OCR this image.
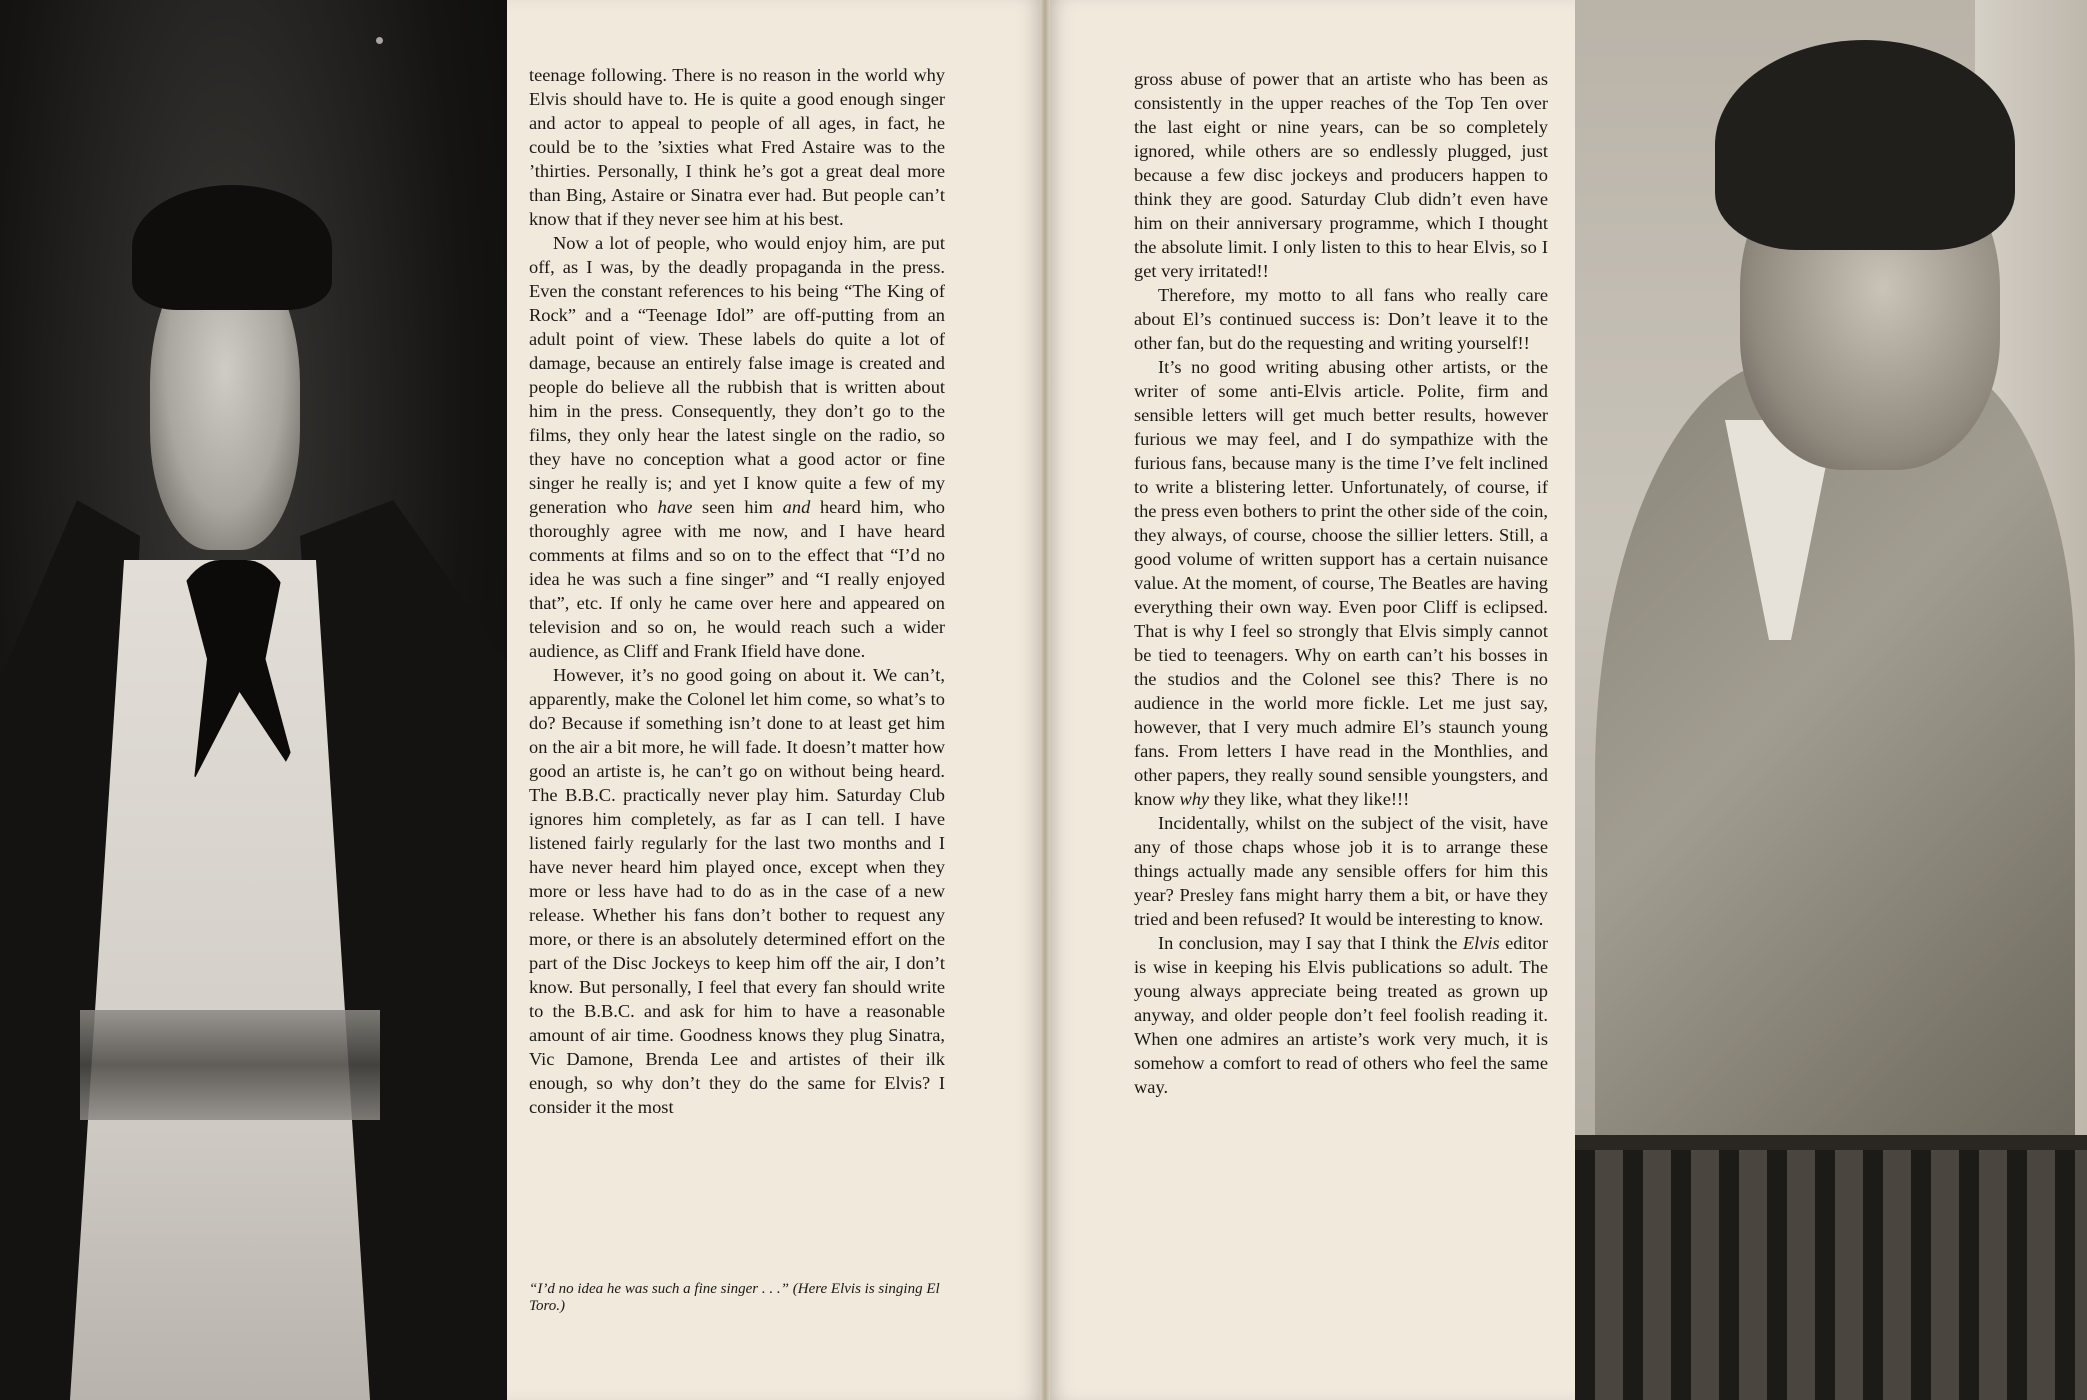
teenage following. There is no reason in the world why Elvis should have to. He is quite a good enough singer and actor to appeal to people of all ages, in fact, he could be to the ’sixties what Fred Astaire was to the ’thirties. Personally, I think he’s got a great deal more than Bing, Astaire or Sinatra ever had. But people can’t know that if they never see him at his best.

Now a lot of people, who would enjoy him, are put off, as I was, by the deadly propaganda in the press. Even the constant references to his being “The King of Rock” and a “Teenage Idol” are off-putting from an adult point of view. These labels do quite a lot of damage, because an entirely false image is created and people do believe all the rubbish that is written about him in the press. Consequently, they don’t go to the films, they only hear the latest single on the radio, so they have no conception what a good actor or fine singer he really is; and yet I know quite a few of my generation who have seen him and heard him, who thoroughly agree with me now, and I have heard comments at films and so on to the effect that “I’d no idea he was such a fine singer” and “I really enjoyed that”, etc. If only he came over here and appeared on television and so on, he would reach such a wider audience, as Cliff and Frank Ifield have done.

However, it’s no good going on about it. We can’t, apparently, make the Colonel let him come, so what’s to do? Because if something isn’t done to at least get him on the air a bit more, he will fade. It doesn’t matter how good an artiste is, he can’t go on without being heard. The B.B.C. practically never play him. Saturday Club ignores him completely, as far as I can tell. I have listened fairly regularly for the last two months and I have never heard him played once, except when they more or less have had to do as in the case of a new release. Whether his fans don’t bother to request any more, or there is an absolutely determined effort on the part of the Disc Jockeys to keep him off the air, I don’t know. But personally, I feel that every fan should write to the B.B.C. and ask for him to have a reasonable amount of air time. Goodness knows they plug Sinatra, Vic Damone, Brenda Lee and artistes of their ilk enough, so why don’t they do the same for Elvis? I consider it the most

gross abuse of power that an artiste who has been as consistently in the upper reaches of the Top Ten over the last eight or nine years, can be so completely ignored, while others are so endlessly plugged, just because a few disc jockeys and producers happen to think they are good. Saturday Club didn’t even have him on their anniversary programme, which I thought the absolute limit. I only listen to this to hear Elvis, so I get very irritated!!

Therefore, my motto to all fans who really care about El’s continued success is: Don’t leave it to the other fan, but do the requesting and writing yourself!!

It’s no good writing abusing other artists, or the writer of some anti-Elvis article. Polite, firm and sensible letters will get much better results, however furious we may feel, and I do sympathize with the furious fans, because many is the time I’ve felt inclined to write a blistering letter. Unfortunately, of course, if the press even bothers to print the other side of the coin, they always, of course, choose the sillier letters. Still, a good volume of written support has a certain nuisance value. At the moment, of course, The Beatles are having everything their own way. Even poor Cliff is eclipsed. That is why I feel so strongly that Elvis simply cannot be tied to teenagers. Why on earth can’t his bosses in the studios and the Colonel see this? There is no audience in the world more fickle. Let me just say, however, that I very much admire El’s staunch young fans. From letters I have read in the Monthlies, and other papers, they really sound sensible youngsters, and know why they like, what they like!!!

Incidentally, whilst on the subject of the visit, have any of those chaps whose job it is to arrange these things actually made any sensible offers for him this year? Presley fans might harry them a bit, or have they tried and been refused? It would be interesting to know.

In conclusion, may I say that I think the Elvis editor is wise in keeping his Elvis publications so adult. The young always appreciate being treated as grown up anyway, and older people don’t feel foolish reading it. When one admires an artiste’s work very much, it is somehow a comfort to read of others who feel the same way.

“I’d no idea he was such a fine singer . . .” (Here Elvis is singing El Toro.)
